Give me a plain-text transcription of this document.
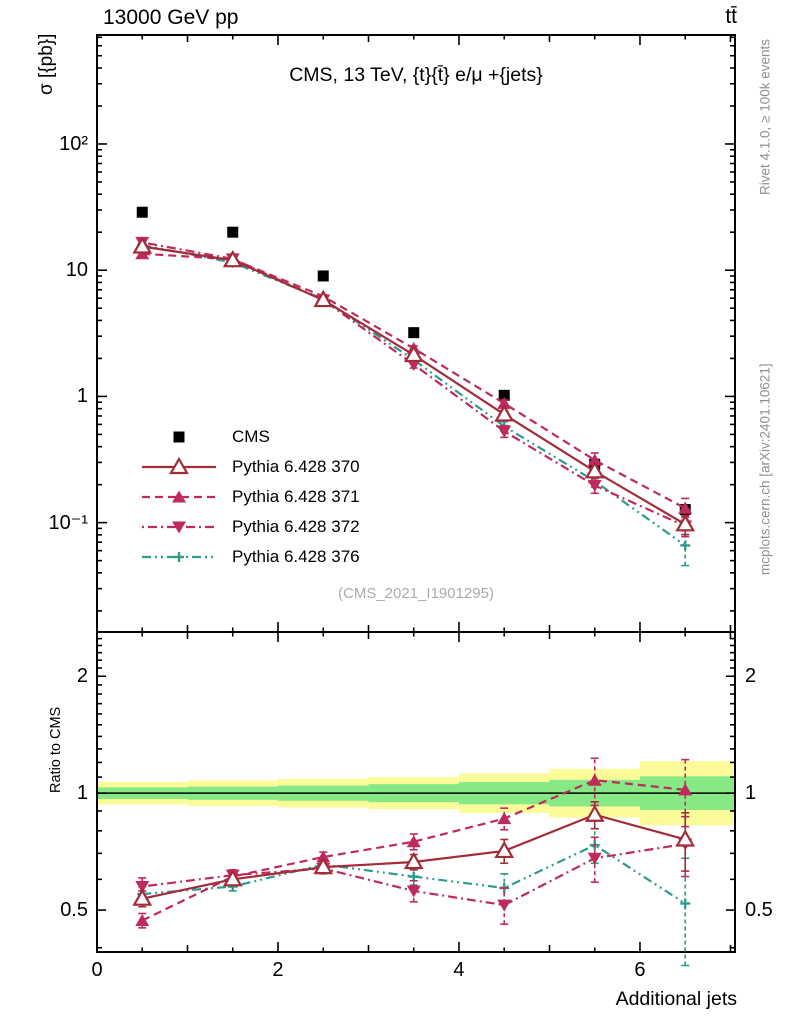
13000 GeV pp	tt̄
σ [{pb}]
Ratio to CMS
Rivet 4.1.0, ≥ 100k events
mcplots.cern.ch [arXiv:2401.10621]
CMS, 13 TeV, {t}{t̄} e/μ +{jets}
(CMS_2021_I1901295)
CMS
Pythia 6.428 370
Pythia 6.428 371
Pythia 6.428 372
Pythia 6.428 376
Additional jets
10²
10
1
10⁻¹
2	2
1	1
0.5	0.5
0	2	4	6
